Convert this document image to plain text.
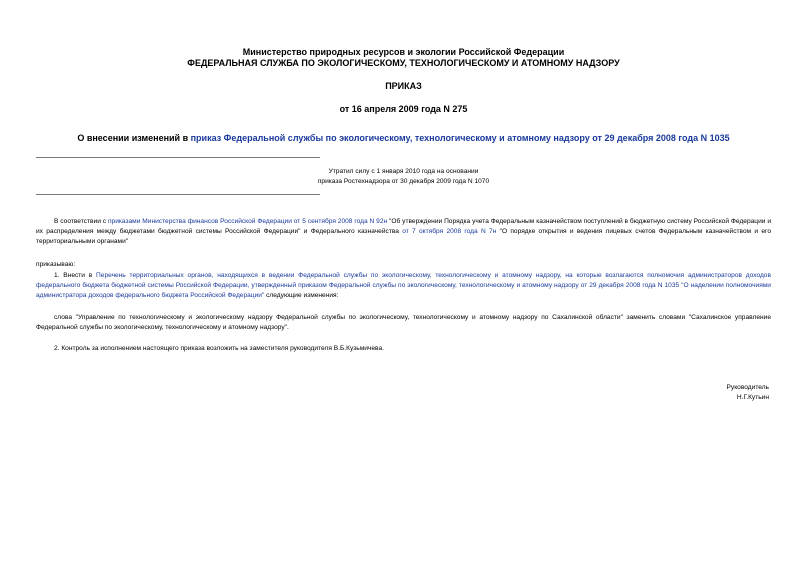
Министерство природных ресурсов и экологии Российской Федерации
ФЕДЕРАЛЬНАЯ СЛУЖБА ПО ЭКОЛОГИЧЕСКОМУ, ТЕХНОЛОГИЧЕСКОМУ И АТОМНОМУ НАДЗОРУ
ПРИКАЗ
от 16 апреля 2009 года N 275
О внесении изменений в приказ Федеральной службы по экологическому, технологическому и атомному надзору от 29 декабря 2008 года N 1035
Утратил силу с 1 января 2010 года на основании
приказа Ростехнадзора от 30 декабря 2009 года N 1070
В соответствии с приказами Министерства финансов Российской Федерации от 5 сентября 2008 года N 92н "Об утверждении Порядка учета Федеральным казначейством поступлений в бюджетную систему Российской Федерации и их распределения между бюджетами бюджетной системы Российской Федерации" и Федерального казначейства от 7 октября 2008 года N 7н "О порядке открытия и ведения лицевых счетов Федеральным казначейством и его территориальными органами"
приказываю:
1. Внести в Перечень территориальных органов, находящихся в ведении Федеральной службы по экологическому, технологическому и атомному надзору, на которые возлагаются полномочия администраторов доходов федерального бюджета бюджетной системы Российской Федерации, утвержденный приказом Федеральной службы по экологическому, технологическому и атомному надзору от 29 декабря 2008 года N 1035 "О наделении полномочиями администратора доходов федерального бюджета Российской Федерации" следующие изменения:
слова "Управление по технологическому и экологическому надзору Федеральной службы по экологическому, технологическому и атомному надзору по Сахалинской области" заменить словами "Сахалинское управление Федеральной службы по экологическому, технологическому и атомному надзору".
2. Контроль за исполнением настоящего приказа возложить на заместителя руководителя В.Б.Кузьмичева.
Руководитель
Н.Г.Кутьин
